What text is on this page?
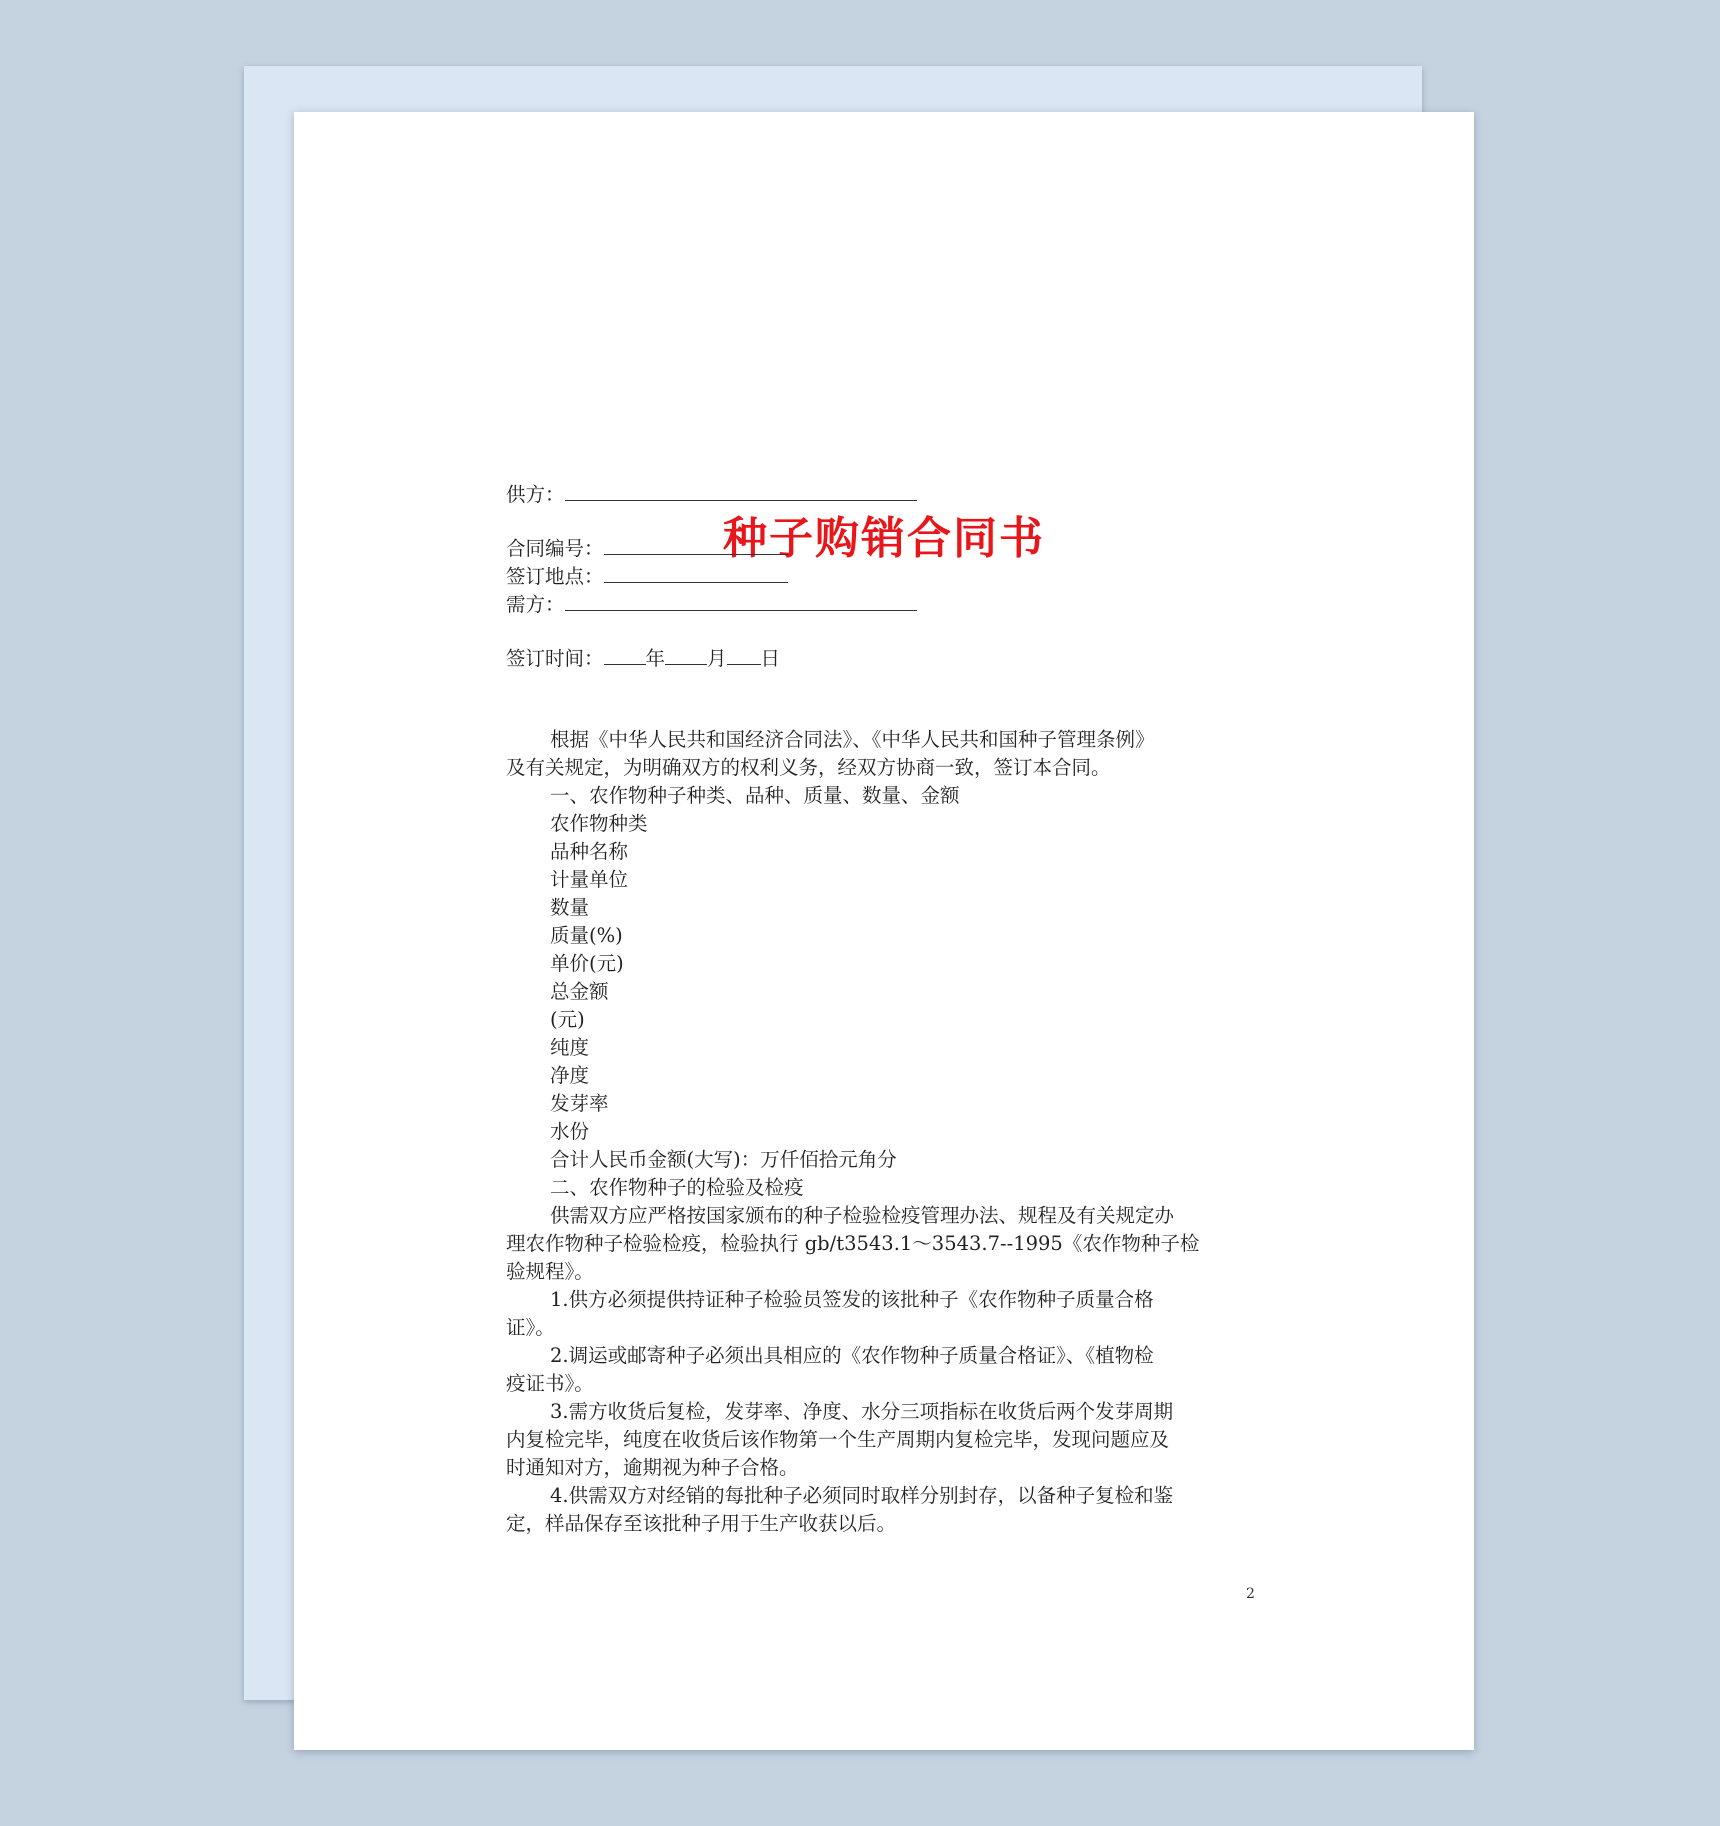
种子购销合同书
供方：
合同编号：
签订地点：
需方：
签订时间： 年 月 日
根据《中华人民共和国经济合同法》、《中华人民共和国种子管理条例》
及有关规定，为明确双方的权利义务，经双方协商一致，签订本合同。
一、农作物种子种类、品种、质量、数量、金额
农作物种类
品种名称
计量单位
数量
质量(%)
单价(元)
总金额
(元)
纯度
净度
发芽率
水份
合计人民币金额(大写)：万仟佰拾元角分
二、农作物种子的检验及检疫
供需双方应严格按国家颁布的种子检验检疫管理办法、规程及有关规定办
理农作物种子检验检疫，检验执行 gb/t3543.1～3543.7--1995《农作物种子检
验规程》。
1.供方必须提供持证种子检验员签发的该批种子《农作物种子质量合格
证》。
2.调运或邮寄种子必须出具相应的《农作物种子质量合格证》、《植物检
疫证书》。
3.需方收货后复检，发芽率、净度、水分三项指标在收货后两个发芽周期
内复检完毕，纯度在收货后该作物第一个生产周期内复检完毕，发现问题应及
时通知对方，逾期视为种子合格。
4.供需双方对经销的每批种子必须同时取样分别封存，以备种子复检和鉴
定，样品保存至该批种子用于生产收获以后。
2
